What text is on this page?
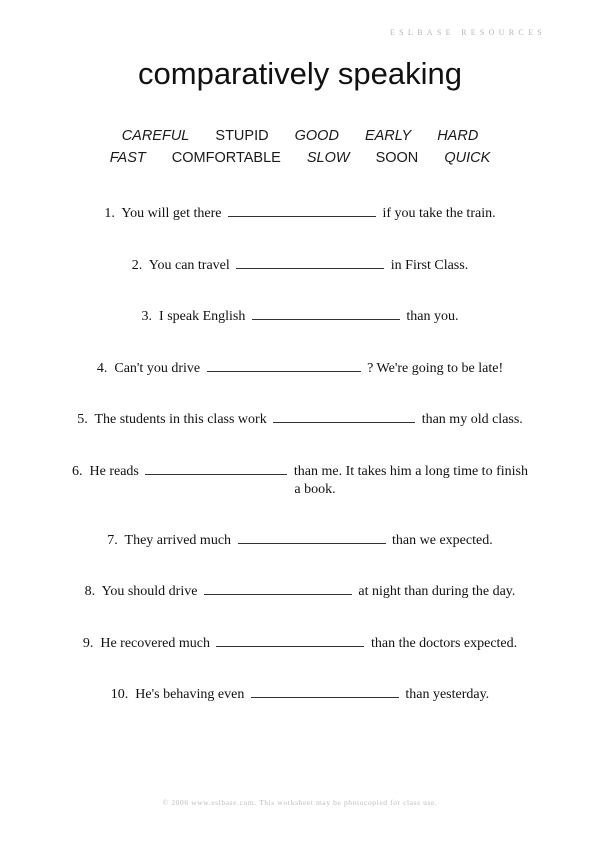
ESLBASE RESOURCES
comparatively speaking
CAREFUL STUPID GOOD EARLY HARD
FAST COMFORTABLE SLOW SOON QUICK
1. You will get there	if you take the train.
2. You can travel	in First Class.
3. I speak English	than you.
4. Can't you drive	? We're going to be late!
5. The students in this class work	than my old class.
6. He reads	than me. It takes him a long time to finish
a book.
7. They arrived much	than we expected.
8. You should drive	at night than during the day.
9. He recovered much	than the doctors expected.
10. He's behaving even	than yesterday.
© 2006 www.eslbase.com. This worksheet may be photocopied for class use.
